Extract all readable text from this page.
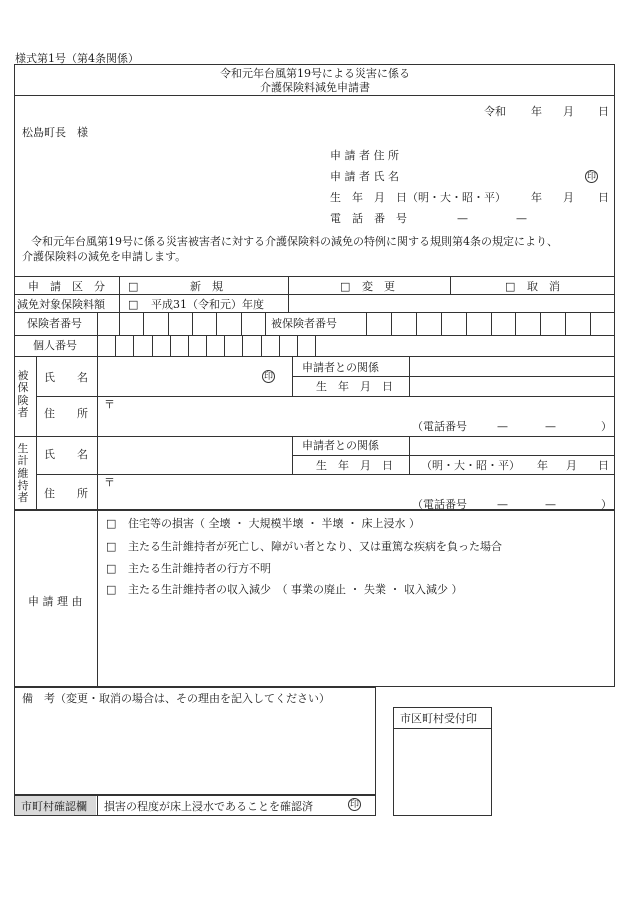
様式第1号（第4条関係）
令和元年台風第19号による災害に係る
介護保険料減免申請書
令和 年 月 日
松島町長　様
申 請 者 住 所
申 請 者 氏 名	印
生　年　月　日（明・大・昭・平） 年 月 日
電　話　番　号	—	—
令和元年台風第19号に係る災害被害者に対する介護保険料の減免の特例に関する規則第4条の規定により、
介護保険料の減免を申請します。
申　請　区　分 □	新　規	□ 変　更	□ 取　消
減免対象保険料額 □ 平成31（令和元）年度
保険者番号	被保険者番号
個人番号
被保険者
氏　　名	印
申請者との関係
生　年　月　日
住　　所
〒
（電話番号	—	—	）
生計維持者
氏　　名
申請者との関係
生　年　月　日	（明・大・昭・平） 年 月 日
住　　所
〒
（電話番号	—	—	）
申 請 理 由
□ 住宅等の損害（ 全壊 ・ 大規模半壊 ・ 半壊 ・ 床上浸水 ）
□ 主たる生計維持者が死亡し、障がい者となり、又は重篤な疾病を負った場合
□ 主たる生計維持者の行方不明
□ 主たる生計維持者の収入減少　（ 事業の廃止 ・ 失業 ・ 収入減少 ）
備　考（変更・取消の場合は、その理由を記入してください）
市区町村受付印
市町村確認欄 損害の程度が床上浸水であることを確認済	印
